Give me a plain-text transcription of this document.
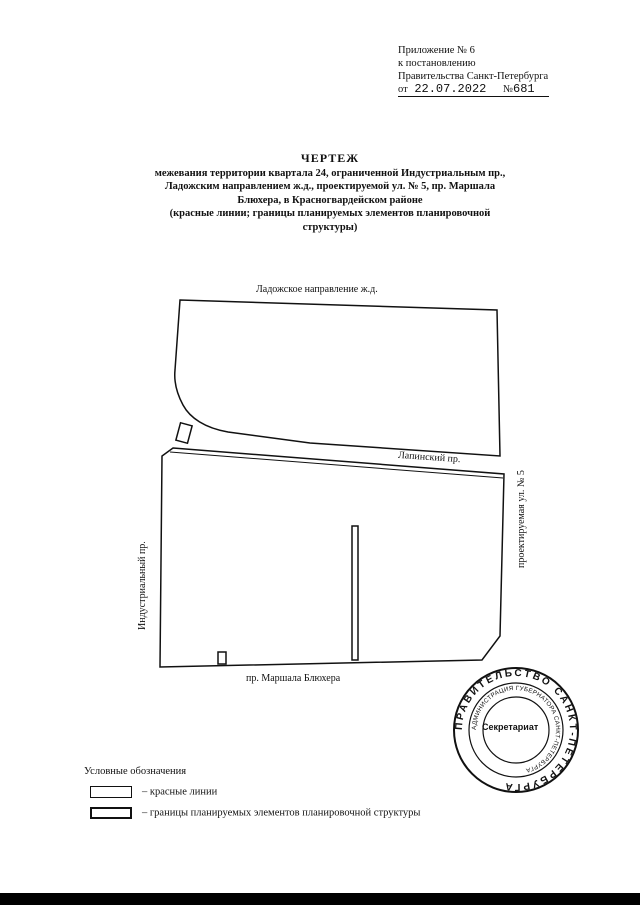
Приложение № 6
к постановлению
Правительства Санкт-Петербурга
от 22.07.2022 №681
ЧЕРТЕЖ
межевания территории квартала 24, ограниченной Индустриальным пр.,
Ладожским направлением ж.д., проектируемой ул. № 5, пр. Маршала
Блюхера, в Красногвардейском районе
(красные линии; границы планируемых элементов планировочной
структуры)
Ладожское направление ж.д.
Лапинский пр.
Индустриальный пр.
проектируемая ул. № 5
пр. Маршала Блюхера
ПРАВИТЕЛЬСТВО САНКТ-ПЕТЕРБУРГА
АДМИНИСТРАЦИЯ ГУБЕРНАТОРА САНКТ-ПЕТЕРБУРГА
Секретариат
Условные обозначения
– красные линии
– границы планируемых элементов планировочной структуры
